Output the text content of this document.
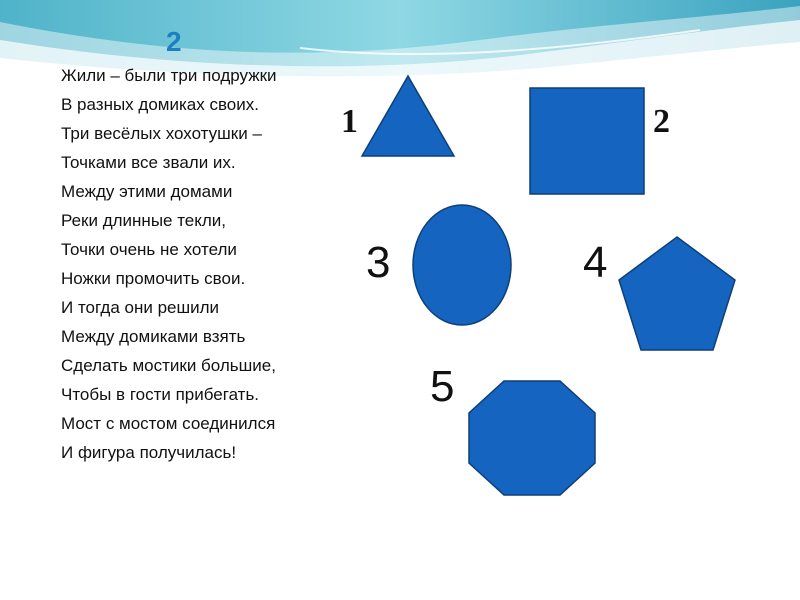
2
Жили – были три подружки
В разных домиках своих.
Три весёлых хохотушки –
Точками все звали их.
Между этими домами
Реки длинные текли,
Точки очень не хотели
Ножки промочить свои.
И тогда они решили
Между домиками взять
Сделать мостики большие,
Чтобы в гости прибегать.
Мост с мостом соединился
И фигура получилась!
1	2
3	4
5
